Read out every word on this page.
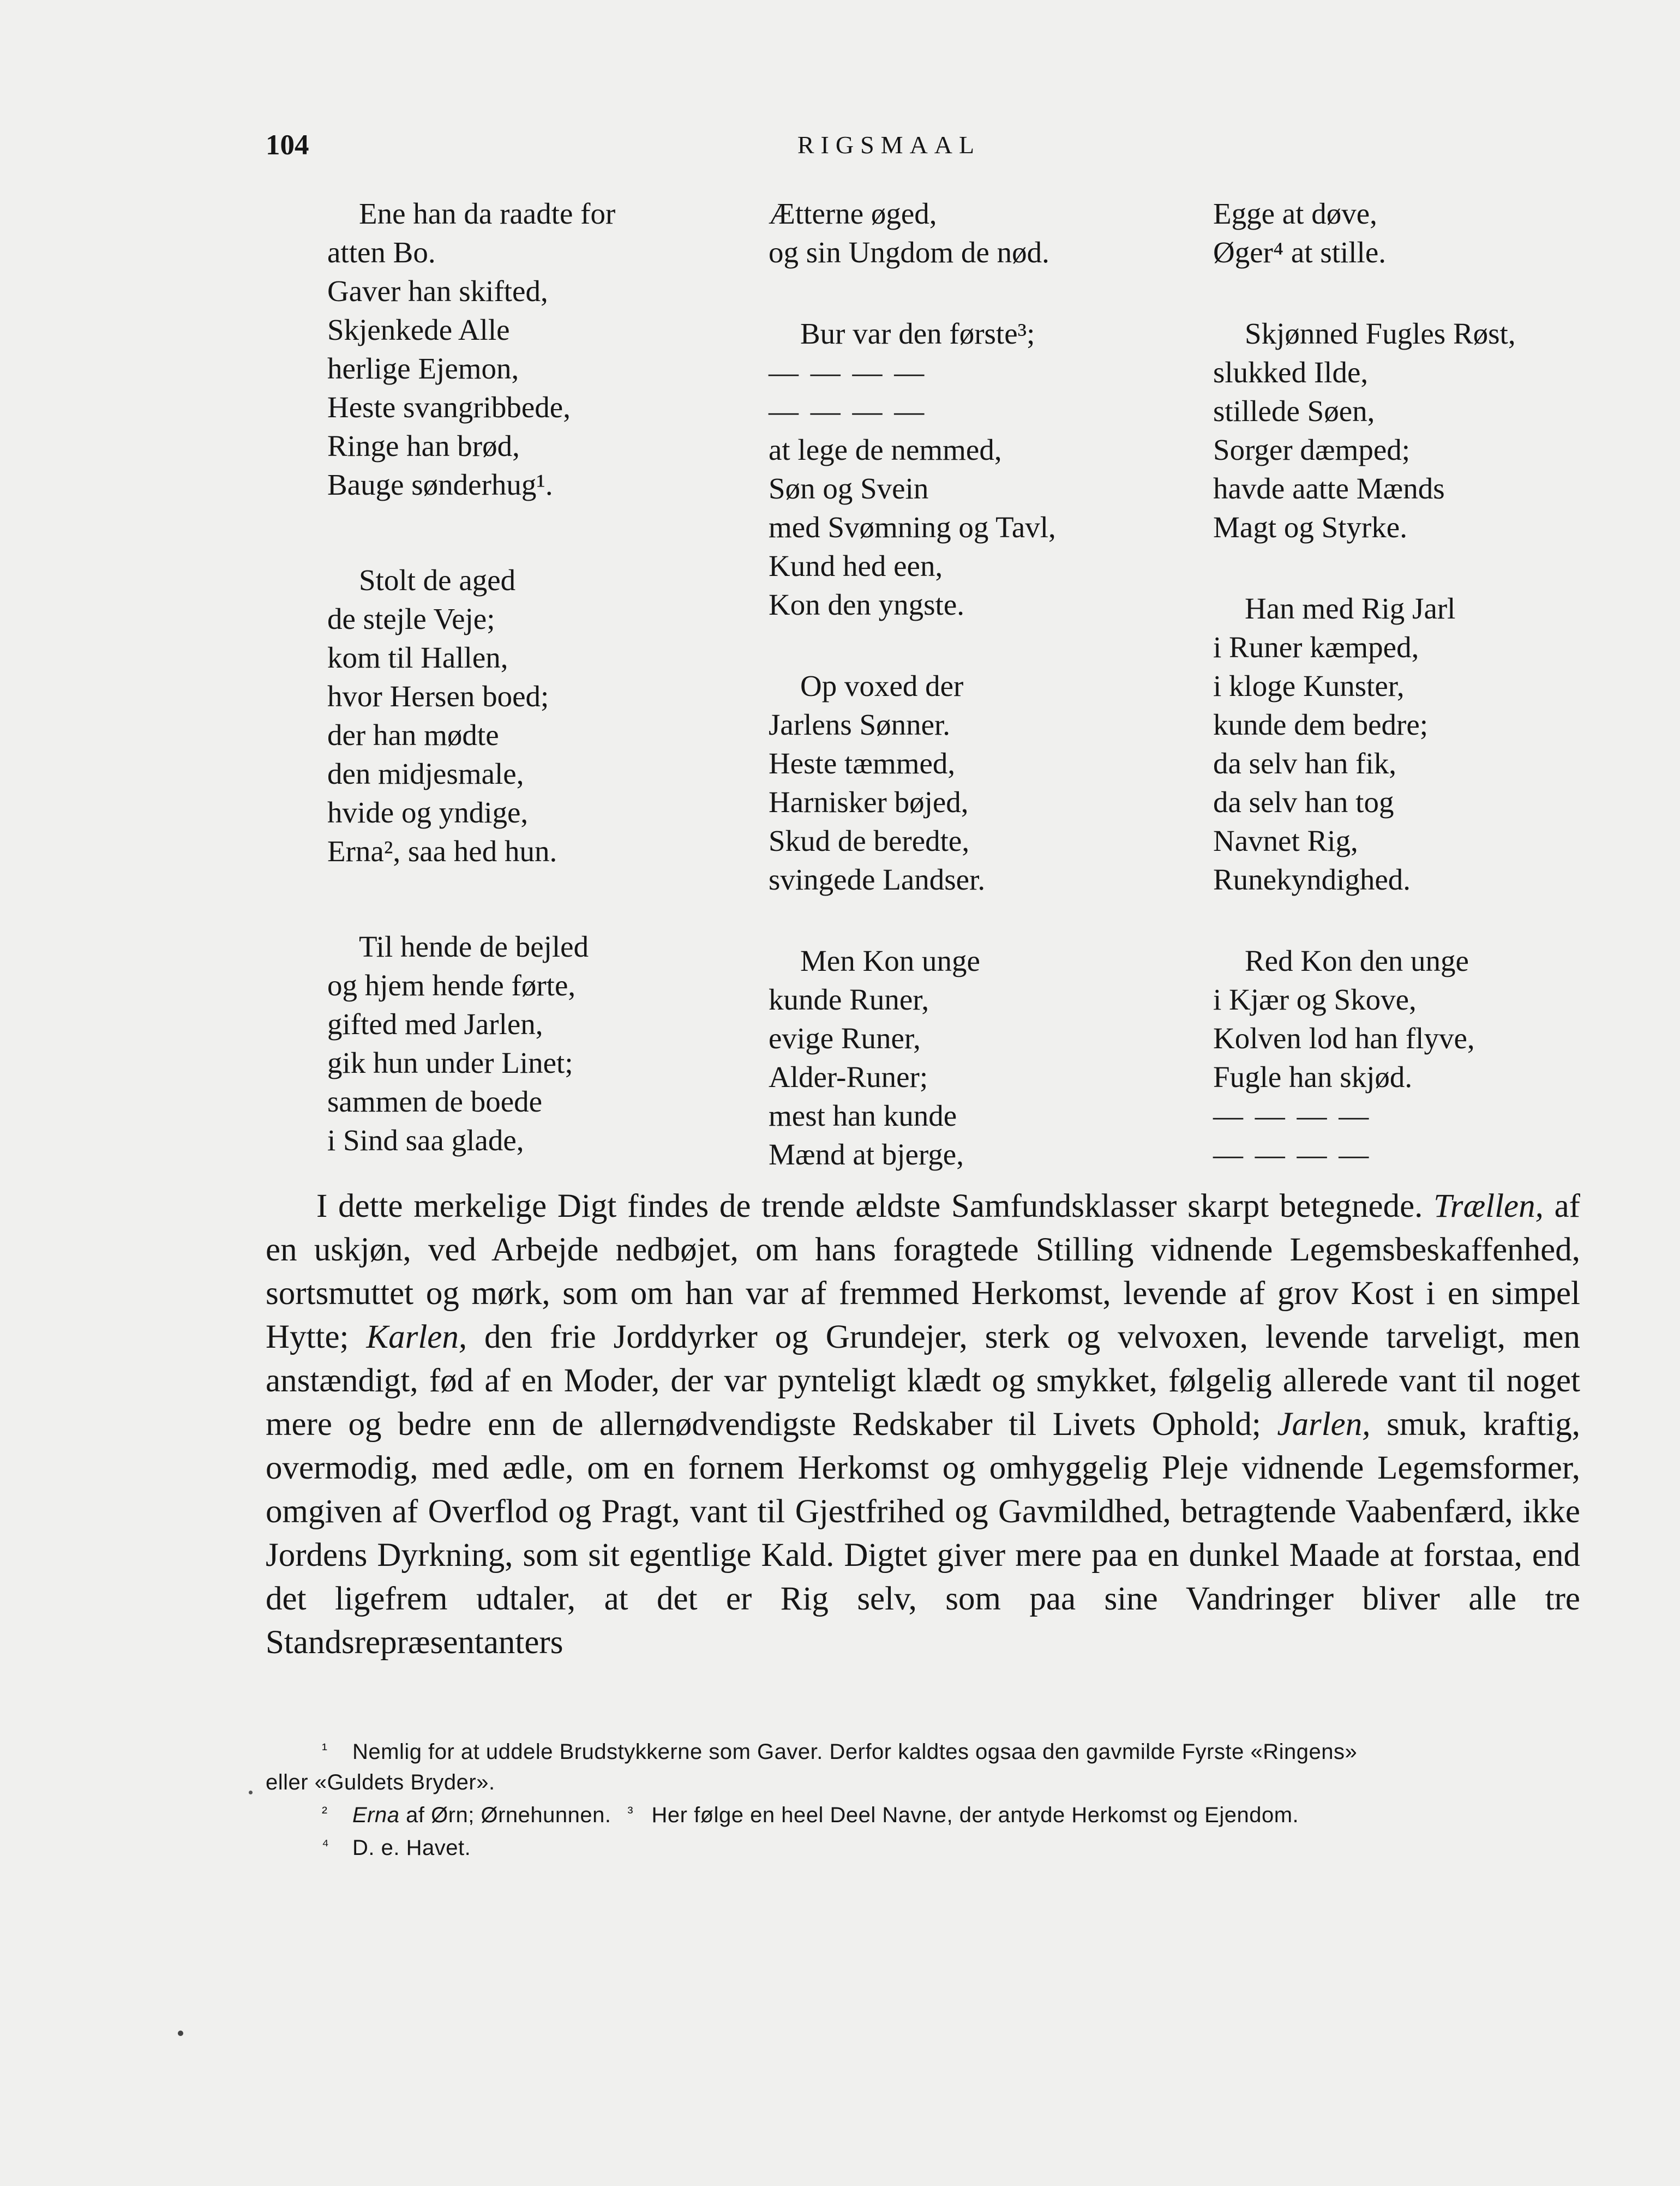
104	RIGSMAAL
Ene han da raadte for
atten Bo.
Gaver han skifted,
Skjenkede Alle
herlige Ejemon,
Heste svangribbede,
Ringe han brød,
Bauge sønderhug¹.
Stolt de aged
de stejle Veje;
kom til Hallen,
hvor Hersen boed;
der han mødte
den midjesmale,
hvide og yndige,
Erna², saa hed hun.
Til hende de bejled
og hjem hende førte,
gifted med Jarlen,
gik hun under Linet;
sammen de boede
i Sind saa glade,
Ætterne øged,
og sin Ungdom de nød.
Bur var den første³;
— — — —
— — — —
at lege de nemmed,
Søn og Svein
med Svømning og Tavl,
Kund hed een,
Kon den yngste.
Op voxed der
Jarlens Sønner.
Heste tæmmed,
Harnisker bøjed,
Skud de beredte,
svingede Landser.
Men Kon unge
kunde Runer,
evige Runer,
Alder-Runer;
mest han kunde
Mænd at bjerge,
Egge at døve,
Øger⁴ at stille.
Skjønned Fugles Røst,
slukked Ilde,
stillede Søen,
Sorger dæmped;
havde aatte Mænds
Magt og Styrke.
Han med Rig Jarl
i Runer kæmped,
i kloge Kunster,
kunde dem bedre;
da selv han fik,
da selv han tog
Navnet Rig,
Runekyndighed.
Red Kon den unge
i Kjær og Skove,
Kolven lod han flyve,
Fugle han skjød.
— — — —
— — — —

I dette merkelige Digt findes de trende ældste Samfundsklasser skarpt betegnede. Trællen, af en uskjøn, ved Arbejde nedbøjet, om hans foragtede Stilling vidnende Legemsbeskaffenhed, sortsmuttet og mørk, som om han var af fremmed Herkomst, levende af grov Kost i en simpel Hytte; Karlen, den frie Jorddyrker og Grundejer, sterk og velvoxen, levende tarveligt, men anstændigt, fød af en Moder, der var pynteligt klædt og smykket, følgelig allerede vant til noget mere og bedre enn de allernødvendigste Redskaber til Livets Ophold; Jarlen, smuk, kraftig, overmodig, med ædle, om en fornem Herkomst og omhyggelig Pleje vidnende Legemsformer, omgiven af Overflod og Pragt, vant til Gjestfrihed og Gavmildhed, betragtende Vaabenfærd, ikke Jordens Dyrkning, som sit egentlige Kald. Digtet giver mere paa en dunkel Maade at forstaa, end det ligefrem udtaler, at det er Rig selv, som paa sine Vandringer bliver alle tre Standsrepræsentanters

¹ Nemlig for at uddele Brudstykkerne som Gaver. Derfor kaldtes ogsaa den gavmilde Fyrste «Ringens»
eller «Guldets Bryder».
² Erna af Ørn; Ørnehunnen. ³ Her følge en heel Deel Navne, der antyde Herkomst og Ejendom.
⁴ D. e. Havet.
